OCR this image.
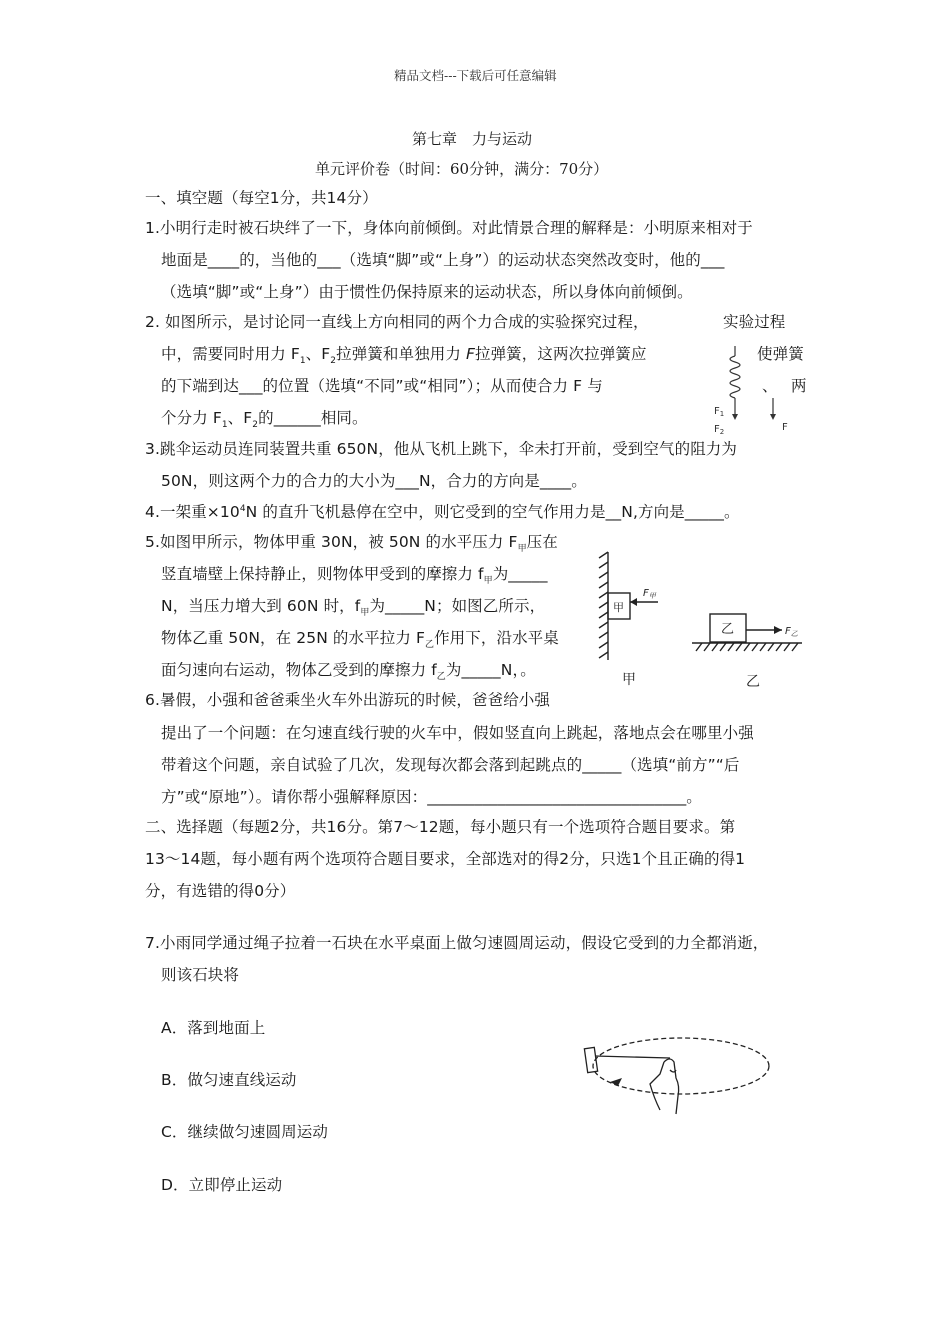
精品文档---下载后可任意编辑
第七章　力与运动
单元评价卷（时间：60分钟，满分：70分）
一、填空题（每空1分，共14分）
1.小明行走时被石块绊了一下，身体向前倾倒。对此情景合理的解释是：小明原来相对于
地面是____的，当他的___（选填“脚”或“上身”）的运动状态突然改变时，他的___
（选填“脚”或“上身”）由于惯性仍保持原来的运动状态，所以身体向前倾倒。
2. 如图所示，是讨论同一直线上方向相同的两个力合成的实验探究过程，	实验过程
中，需要同时用力 $F_1$、$F_2$拉弹簧和单独用力 F拉弹簧，这两次拉弹簧应	使弹簧
的下端到达___的位置（选填“不同”或“相同”）；从而使合力 F 与	、 两
个分力 $F_1$、$F_2$的______相同。	$F_1$
$F_2$	F
3.跳伞运动员连同装置共重 650N，他从飞机上跳下，伞未打开前，受到空气的阻力为
50N，则这两个力的合力的大小为___N，合力的方向是____。
4.一架重$\times 10^4N$ 的直升飞机悬停在空中，则它受到的空气作用力是__N,方向是_____。
5.如图甲所示，物体甲重 30N，被 50N 的水平压力 $F_甲$压在
竖直墙壁上保持静止，则物体甲受到的摩擦力 $f_甲$为_____
N，当压力增大到 60N 时，$f_甲$为_____N；如图乙所示，
物体乙重 50N，在 25N 的水平拉力 $F_乙$作用下，沿水平桌
面匀速向右运动，物体乙受到的摩擦力 $f_乙$为_____N，。
甲
乙
$F_甲$
$F_乙$
甲	乙
6.暑假，小强和爸爸乘坐火车外出游玩的时候，爸爸给小强
提出了一个问题：在匀速直线行驶的火车中，假如竖直向上跳起，落地点会在哪里小强
带着这个问题，亲自试验了几次，发现每次都会落到起跳点的_____（选填“前方”“后
方”或“原地”）。请你帮小强解释原因：_________________________________。
二、选择题（每题2分，共16分。第7～12题，每小题只有一个选项符合题目要求。第
13～14题，每小题有两个选项符合题目要求，全部选对的得2分，只选1个且正确的得1
分，有选错的得0分）
7.小雨同学通过绳子拉着一石块在水平桌面上做匀速圆周运动，假设它受到的力全都消逝，
则该石块将
A．落到地面上
B．做匀速直线运动
C．继续做匀速圆周运动
D．立即停止运动
